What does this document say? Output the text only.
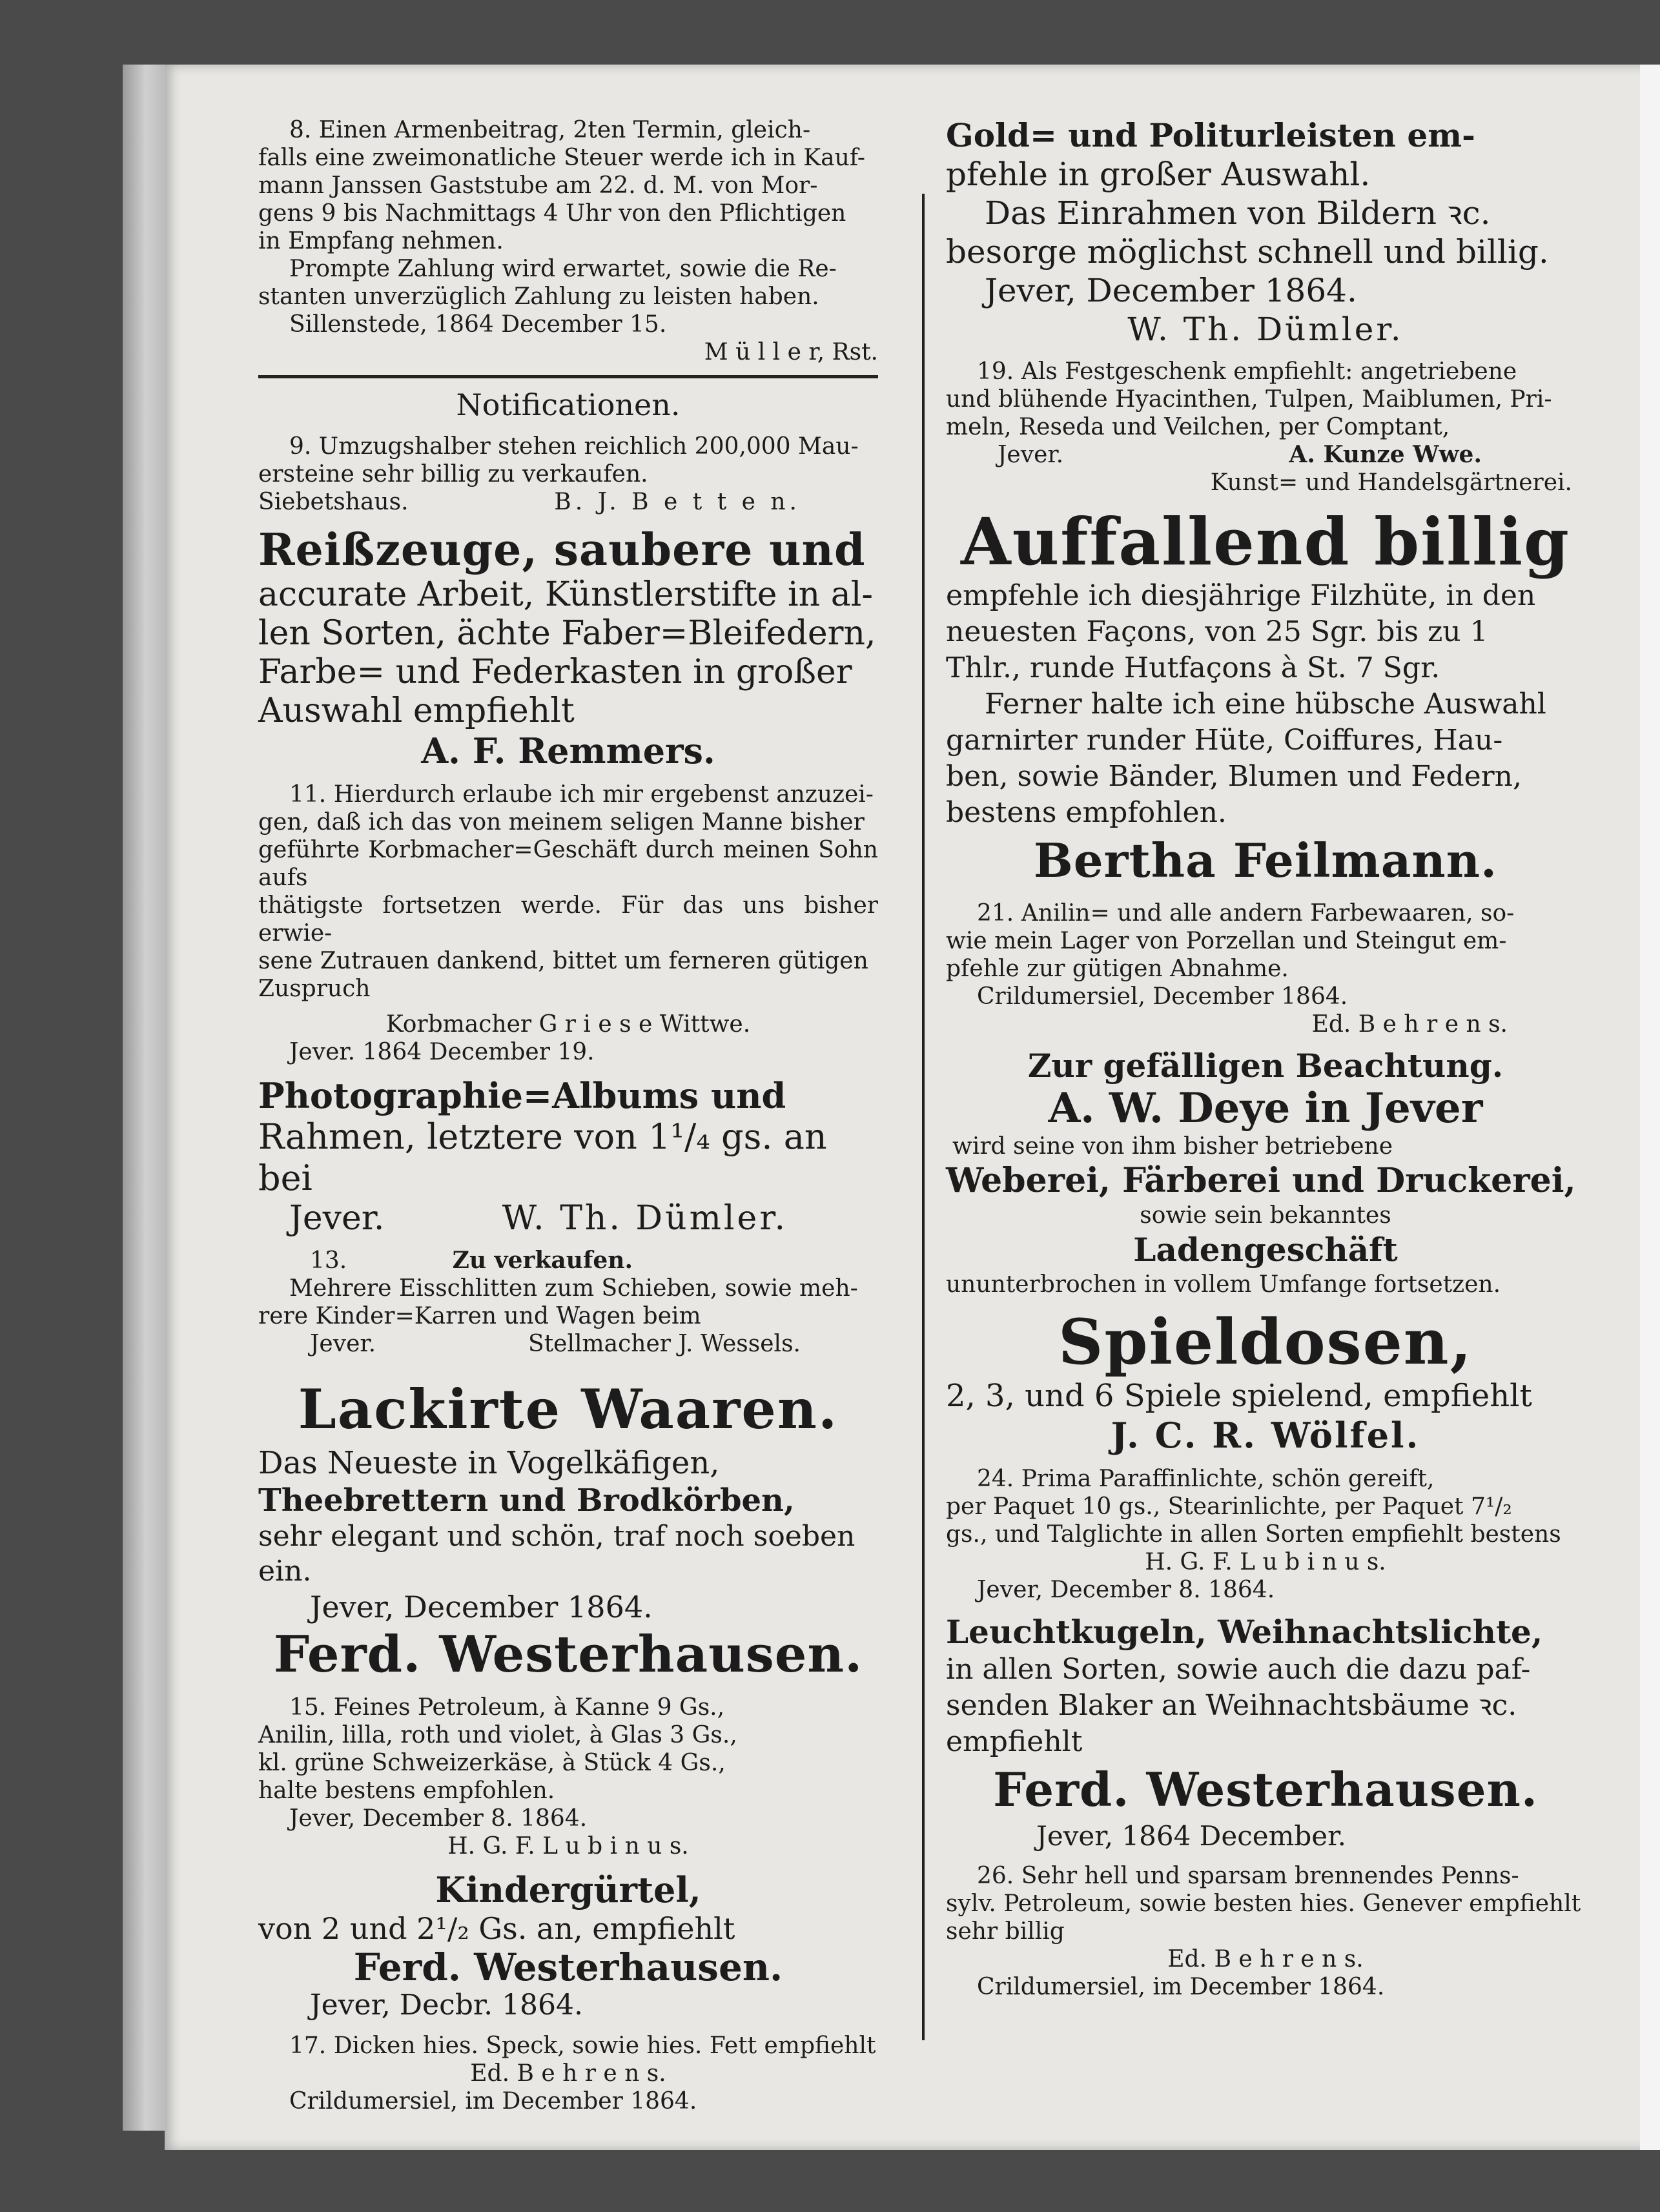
8. Einen Armenbeitrag, 2ten Termin, gleich-

falls eine zweimonatliche Steuer werde ich in Kauf-

mann Janssen Gaststube am 22. d. M. von Mor-

gens 9 bis Nachmittags 4 Uhr von den Pflichtigen

in Empfang nehmen.

Prompte Zahlung wird erwartet, sowie die Re-

stanten unverzüglich Zahlung zu leisten haben.

Sillenstede, 1864 December 15.

M ü l l e r, Rst.
Notificationen.

9. Umzugshalber stehen reichlich 200,000 Mau-

ersteine sehr billig zu verkaufen.

Siebetshaus.	B. J. B e t t e n.
Reißzeuge, saubere und
accurate Arbeit, Künstlerstifte in al-
len Sorten, ächte Faber=Bleifedern,
Farbe= und Federkasten in großer
Auswahl empfiehlt
A. F. Remmers.

11. Hierdurch erlaube ich mir ergebenst anzuzei-

gen, daß ich das von meinem seligen Manne bisher

geführte Korbmacher=Geschäft durch meinen Sohn aufs

thätigste fortsetzen werde. Für das uns bisher erwie-

sene Zutrauen dankend, bittet um ferneren gütigen

Zuspruch

Korbmacher G r i e s e Wittwe.

Jever. 1864 December 19.

Photographie=Albums und
Rahmen, letztere von 1¹/₄ gs. an bei
Jever.	W. Th. Dümler.
13.	Zu verkaufen.

Mehrere Eisschlitten zum Schieben, sowie meh-

rere Kinder=Karren und Wagen beim

Jever.	Stellmacher J. Wessels.
Lackirte Waaren.
Das Neueste in Vogelkäfigen,
Theebrettern und Brodkörben,
sehr elegant und schön, traf noch soeben ein.
Jever, December 1864.
Ferd. Westerhausen.

15. Feines Petroleum, à Kanne 9 Gs.,

Anilin, lilla, roth und violet, à Glas 3 Gs.,

kl. grüne Schweizerkäse, à Stück 4 Gs.,

halte bestens empfohlen.

Jever, December 8. 1864.

H. G. F. L u b i n u s.
Kindergürtel,
von 2 und 2¹/₂ Gs. an, empfiehlt
Ferd. Westerhausen.
Jever, Decbr. 1864.

17. Dicken hies. Speck, sowie hies. Fett empfiehlt

Ed. B e h r e n s.

Crildumersiel, im December 1864.

Gold= und Politurleisten em-
pfehle in großer Auswahl.
Das Einrahmen von Bildern ꝛc.
besorge möglichst schnell und billig.
Jever, December 1864.
W. Th. Dümler.

19. Als Festgeschenk empfiehlt: angetriebene

und blühende Hyacinthen, Tulpen, Maiblumen, Pri-

meln, Reseda und Veilchen, per Comptant,

Jever.	A. Kunze Wwe.
Kunst= und Handelsgärtnerei.
Auffallend billig
empfehle ich diesjährige Filzhüte, in den
neuesten Façons, von 25 Sgr. bis zu 1
Thlr., runde Hutfaçons à St. 7 Sgr.
Ferner halte ich eine hübsche Auswahl
garnirter runder Hüte, Coiffures, Hau-
ben, sowie Bänder, Blumen und Federn,
bestens empfohlen.
Bertha Feilmann.

21. Anilin= und alle andern Farbewaaren, so-

wie mein Lager von Porzellan und Steingut em-

pfehle zur gütigen Abnahme.

Crildumersiel, December 1864.

Ed. B e h r e n s.
Zur gefälligen Beachtung.
A. W. Deye in Jever

wird seine von ihm bisher betriebene

Weberei, Färberei und Druckerei,

sowie sein bekanntes

Ladengeschäft

ununterbrochen in vollem Umfange fortsetzen.

Spieldosen,
2, 3, und 6 Spiele spielend, empfiehlt
J. C. R. Wölfel.

24. Prima Paraffinlichte, schön gereift,

per Paquet 10 gs., Stearinlichte, per Paquet 7¹/₂

gs., und Talglichte in allen Sorten empfiehlt bestens

H. G. F. L u b i n u s.

Jever, December 8. 1864.

Leuchtkugeln, Weihnachtslichte,
in allen Sorten, sowie auch die dazu paf-
senden Blaker an Weihnachtsbäume ꝛc.
empfiehlt
Ferd. Westerhausen.
Jever, 1864 December.

26. Sehr hell und sparsam brennendes Penns-

sylv. Petroleum, sowie besten hies. Genever empfiehlt

sehr billig

Ed. B e h r e n s.

Crildumersiel, im December 1864.
